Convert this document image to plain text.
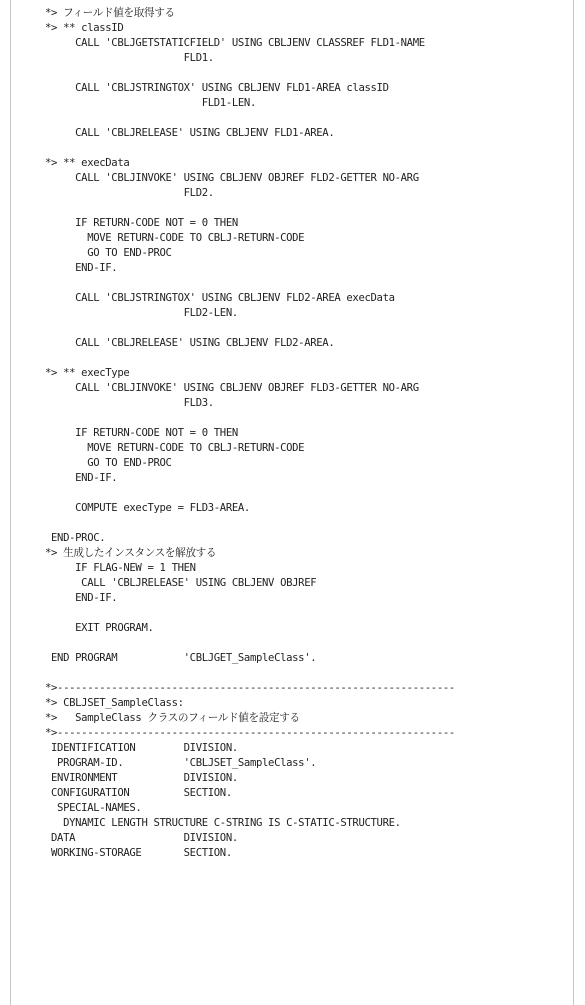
*> フィールド値を取得する
*> ** classID
CALL 'CBLJGETSTATICFIELD' USING CBLJENV CLASSREF FLD1-NAME
FLD1.
CALL 'CBLJSTRINGTOX' USING CBLJENV FLD1-AREA classID
FLD1-LEN.
CALL 'CBLJRELEASE' USING CBLJENV FLD1-AREA.
*> ** execData
CALL 'CBLJINVOKE' USING CBLJENV OBJREF FLD2-GETTER NO-ARG
FLD2.
IF RETURN-CODE NOT = 0 THEN
MOVE RETURN-CODE TO CBLJ-RETURN-CODE
GO TO END-PROC
END-IF.
CALL 'CBLJSTRINGTOX' USING CBLJENV FLD2-AREA execData
FLD2-LEN.
CALL 'CBLJRELEASE' USING CBLJENV FLD2-AREA.
*> ** execType
CALL 'CBLJINVOKE' USING CBLJENV OBJREF FLD3-GETTER NO-ARG
FLD3.
IF RETURN-CODE NOT = 0 THEN
MOVE RETURN-CODE TO CBLJ-RETURN-CODE
GO TO END-PROC
END-IF.
COMPUTE execType = FLD3-AREA.
END-PROC.
*> 生成したインスタンスを解放する
IF FLAG-NEW = 1 THEN
CALL 'CBLJRELEASE' USING CBLJENV OBJREF
END-IF.
EXIT PROGRAM.
END PROGRAM           'CBLJGET_SampleClass'.
*>------------------------------------------------------------------
*> CBLJSET_SampleClass:
*>   SampleClass クラスのフィールド値を設定する
*>------------------------------------------------------------------
IDENTIFICATION        DIVISION.
PROGRAM-ID.          'CBLJSET_SampleClass'.
ENVIRONMENT           DIVISION.
CONFIGURATION         SECTION.
SPECIAL-NAMES.
DYNAMIC LENGTH STRUCTURE C-STRING IS C-STATIC-STRUCTURE.
DATA                  DIVISION.
WORKING-STORAGE       SECTION.
